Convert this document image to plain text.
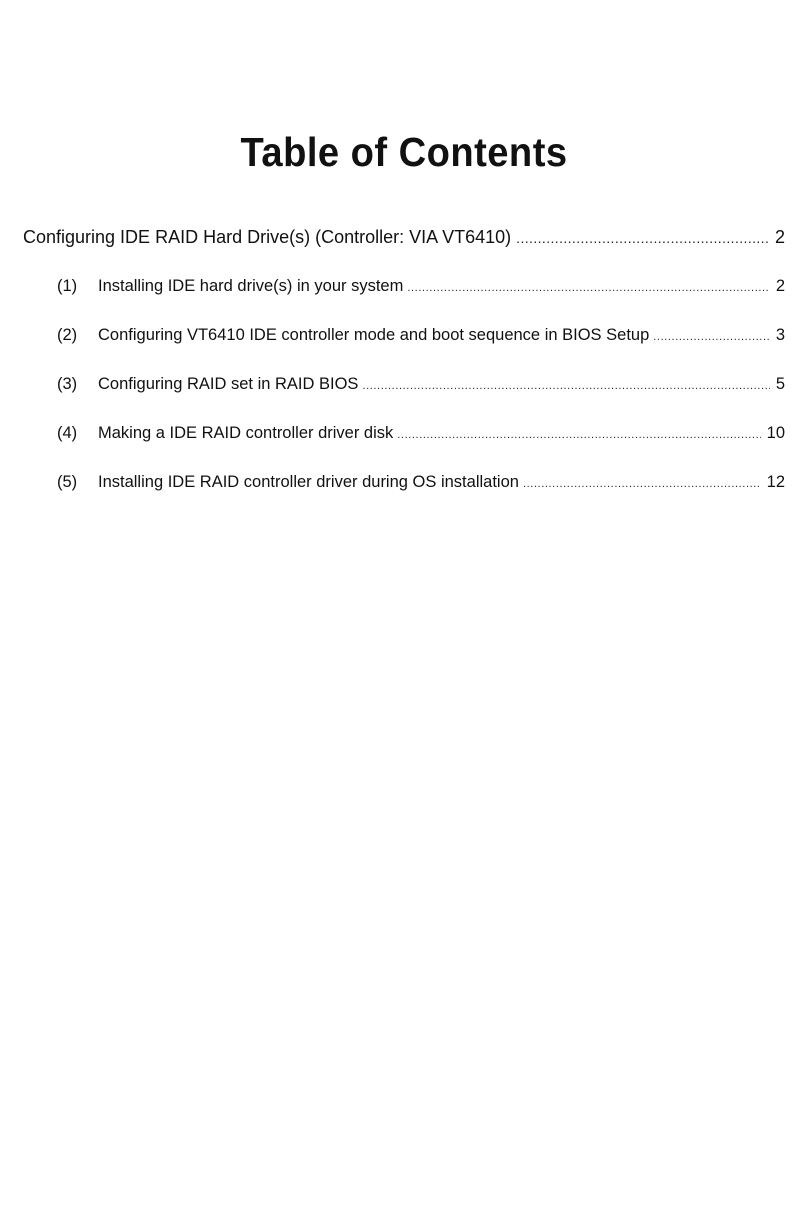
Table of Contents
Configuring IDE RAID Hard Drive(s) (Controller: VIA VT6410) .....	2
(1)	Installing IDE hard drive(s) in your system .....	2
(2)	Configuring VT6410 IDE controller mode and boot sequence in BIOS Setup .....	3
(3)	Configuring RAID set in RAID BIOS .....	5
(4)	Making a IDE RAID controller driver disk .....	10
(5)	Installing IDE RAID controller driver during OS installation .....	12
